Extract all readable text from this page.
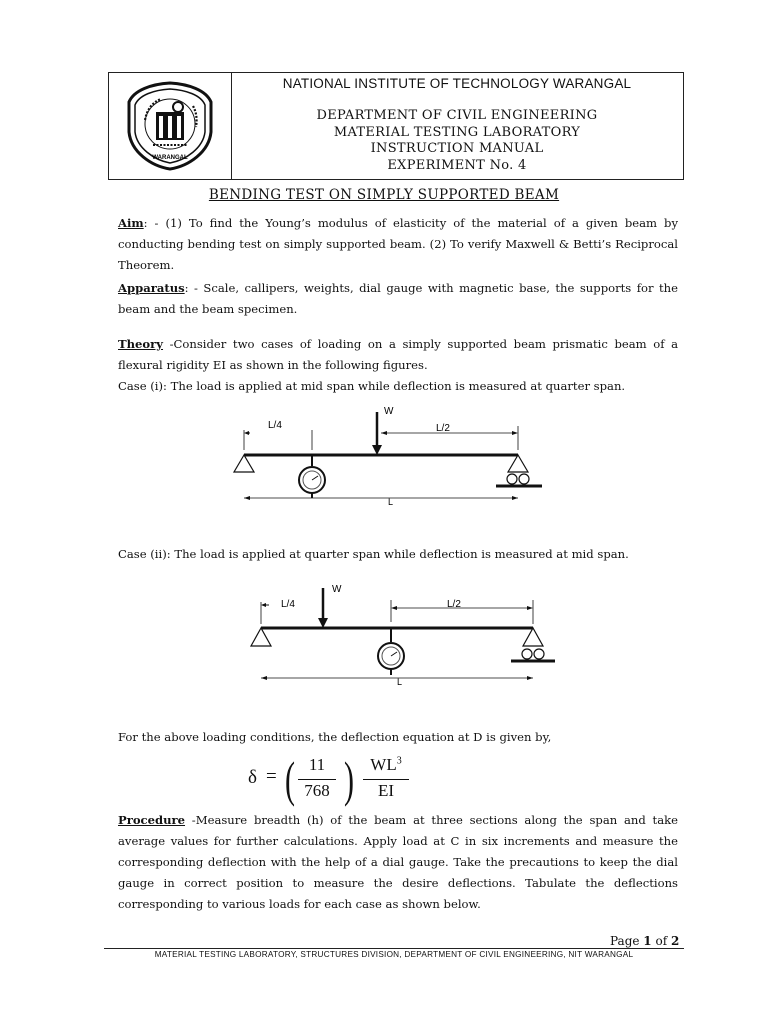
WARANGAL
NATIONAL INSTITUTE OF TECHNOLOGY WARANGAL
DEPARTMENT OF CIVIL ENGINEERING
MATERIAL TESTING LABORATORY
INSTRUCTION MANUAL
EXPERIMENT No. 4
BENDING TEST ON SIMPLY SUPPORTED BEAM
Aim: - (1) To find the Young’s modulus of elasticity of the material of a given beam by conducting bending test on simply supported beam. (2) To verify Maxwell & Betti’s Reciprocal Theorem.
Apparatus: - Scale, callipers, weights, dial gauge with magnetic base, the supports for the beam and the beam specimen.
Theory -Consider two cases of loading on a simply supported beam prismatic beam of a flexural rigidity EI as shown in the following figures.
Case (i): The load is applied at mid span while deflection is measured at quarter span.
W
L/4	L/2
L
Case (ii): The load is applied at quarter span while deflection is measured at mid span.
W
L/4	L/2
L
For the above loading conditions, the deflection equation at D is given by,
δ = ( 11
768 ) $WL^3$
EI
Procedure -Measure breadth (h) of the beam at three sections along the span and take average values for further calculations. Apply load at C in six increments and measure the corresponding deflection with the help of a dial gauge. Take the precautions to keep the dial gauge in correct position to measure the desire deflections. Tabulate the deflections corresponding to various loads for each case as shown below.
Page 1 of 2
MATERIAL TESTING LABORATORY, STRUCTURES DIVISION, DEPARTMENT OF CIVIL ENGINEERING, NIT WARANGAL
